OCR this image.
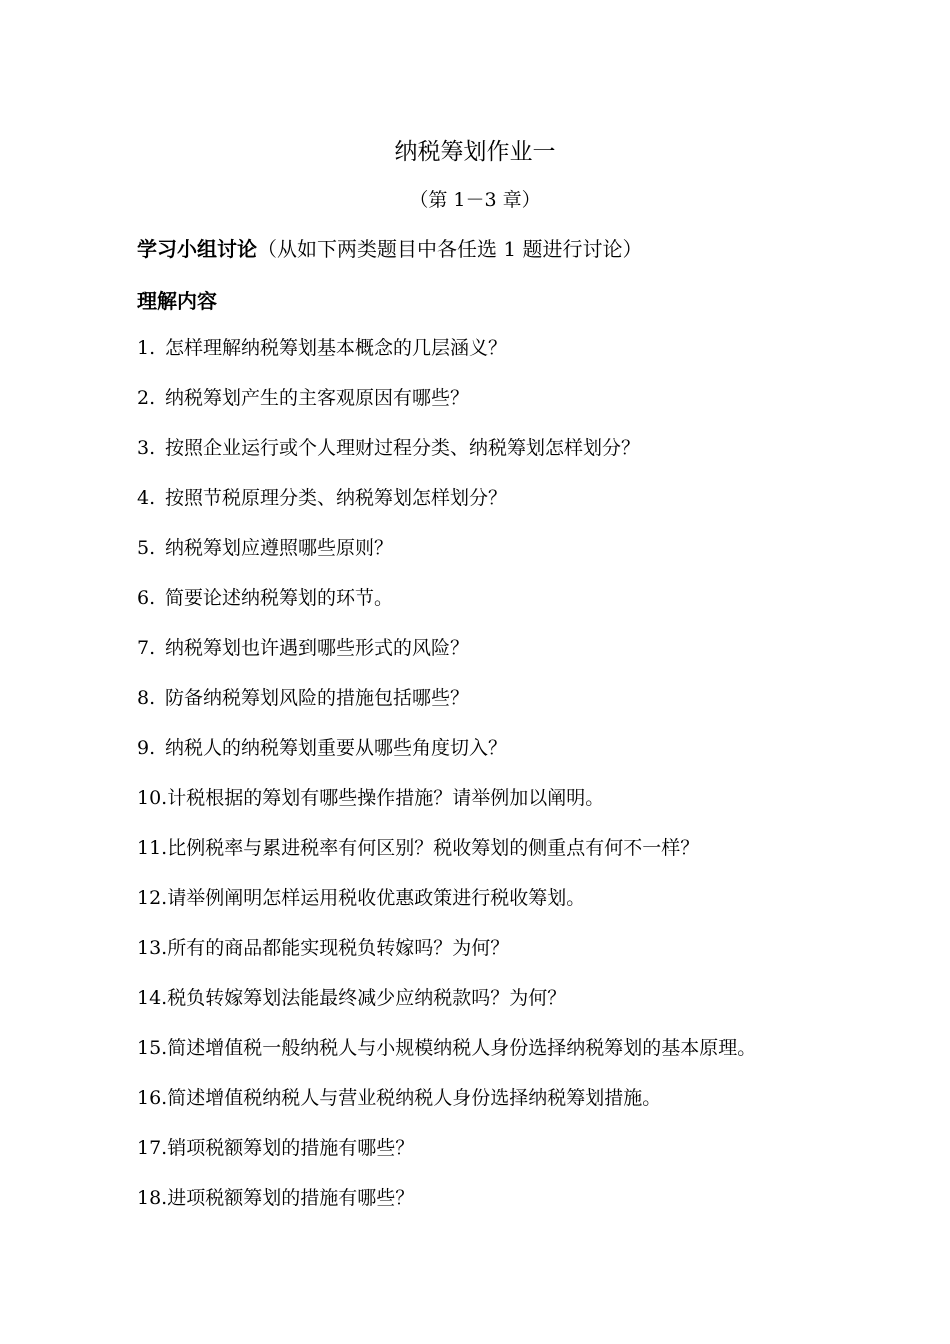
纳税筹划作业一
（第 1－3 章）
学习小组讨论（从如下两类题目中各任选 1 题进行讨论）
理解内容
1. 怎样理解纳税筹划基本概念的几层涵义？
2. 纳税筹划产生的主客观原因有哪些？
3. 按照企业运行或个人理财过程分类、纳税筹划怎样划分？
4. 按照节税原理分类、纳税筹划怎样划分？
5. 纳税筹划应遵照哪些原则？
6. 简要论述纳税筹划的环节。
7. 纳税筹划也许遇到哪些形式的风险？
8. 防备纳税筹划风险的措施包括哪些？
9. 纳税人的纳税筹划重要从哪些角度切入？
10.计税根据的筹划有哪些操作措施？请举例加以阐明。
11.比例税率与累进税率有何区别？税收筹划的侧重点有何不一样？
12.请举例阐明怎样运用税收优惠政策进行税收筹划。
13.所有的商品都能实现税负转嫁吗？为何？
14.税负转嫁筹划法能最终减少应纳税款吗？为何？
15.简述增值税一般纳税人与小规模纳税人身份选择纳税筹划的基本原理。
16.简述增值税纳税人与营业税纳税人身份选择纳税筹划措施。
17.销项税额筹划的措施有哪些？
18.进项税额筹划的措施有哪些？
